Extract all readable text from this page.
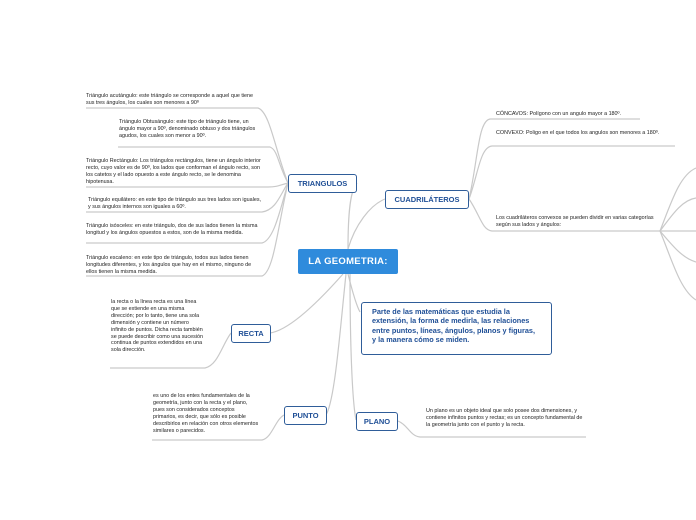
LA GEOMETRIA:
Parte de las matemáticas que estudia la extensión, la forma de medirla, las relaciones entre puntos, líneas, ángulos, planos y figuras, y la manera cómo se miden.
TRIANGULOS
CUADRILÁTEROS
RECTA
PUNTO
PLANO
Triángulo acutángulo: este triángulo se corresponde a aquel que tiene sus tres ángulos, los cuales son menores a 90º
Triángulo Obtusángulo: este tipo de triángulo tiene, un ángulo mayor a 90º, denominado obtuso y dos triángulos agudos, los cuales son menor a 90º.
Triángulo Rectángulo: Los triángulos rectángulos, tiene un ángulo interior recto, cuyo valor es de 90º, los lados que conforman el ángulo recto, son los catetos y el lado opuesto a este ángulo recto, se le denomina hipotenusa.
Triángulo equilátero: en este tipo de triángulo sus tres lados son iguales, y sus ángulos internos son iguales a 60º.
Triángulo isósceles: en este triángulo, dos de sus lados tienen la misma longitud y los ángulos opuestos a estos, son de la misma medida.
Triángulo escaleno: en este tipo de triángulo, todos sus lados tienen longitudes diferentes, y los ángulos que hay en el mismo, ninguno de ellos tienen la misma medida.
CÓNCAVOS: Polígono con un angulo mayor a 180º.
CONVEXO: Poligo en el que todos los angulos son menores a 180º.
Los cuadriláteros convexos se pueden dividir en varias categorías según sus lados y ángulos:
la recta o la línea recta es una línea que se extiende en una misma dirección; por lo tanto, tiene una sola dimensión y contiene un número infinito de puntos. Dicha recta también se puede describir como una sucesión continua de puntos extendidos en una sola dirección.
es uno de los entes fundamentales de la geometría, junto con la recta y el plano, pues son considerados conceptos primarios, es decir, que sólo es posible describirlos en relación con otros elementos similares o parecidos.
Un plano es un objeto ideal que solo posee dos dimensiones, y contiene infinitos puntos y rectas; es un concepto fundamental de la geometría junto con el punto y la recta.
